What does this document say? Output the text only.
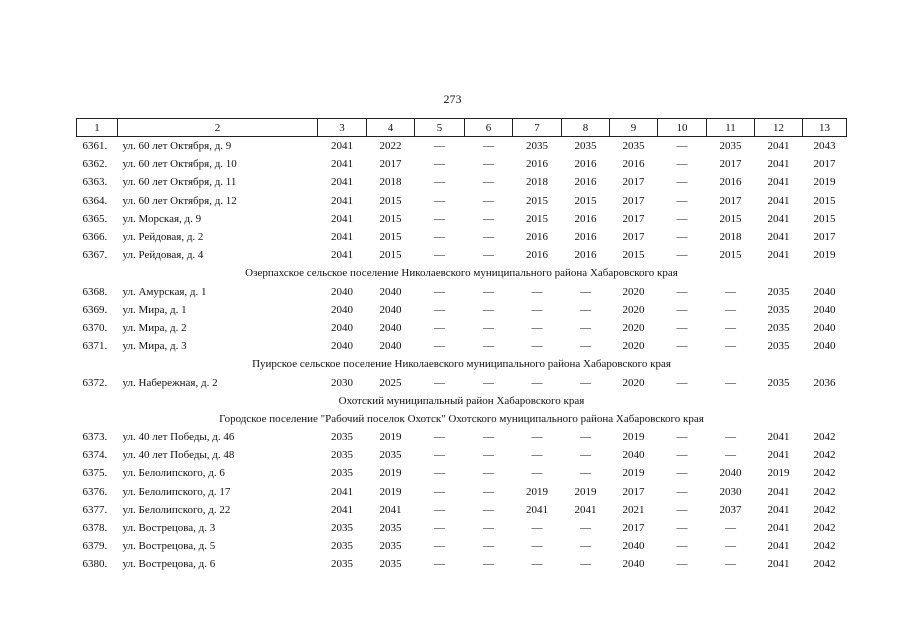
273
1	2	3	4	5	6	7	8	9	10	11	12	13
6361.	ул. 60 лет Октября, д. 9	2041	2022	—	—	2035	2035	2035	—	2035	2041	2043
6362.	ул. 60 лет Октября, д. 10	2041	2017	—	—	2016	2016	2016	—	2017	2041	2017
6363.	ул. 60 лет Октября, д. 11	2041	2018	—	—	2018	2016	2017	—	2016	2041	2019
6364.	ул. 60 лет Октября, д. 12	2041	2015	—	—	2015	2015	2017	—	2017	2041	2015
6365.	ул. Морская, д. 9	2041	2015	—	—	2015	2016	2017	—	2015	2041	2015
6366.	ул. Рейдовая, д. 2	2041	2015	—	—	2016	2016	2017	—	2018	2041	2017
6367.	ул. Рейдовая, д. 4	2041	2015	—	—	2016	2016	2015	—	2015	2041	2019
Озерпахское сельское поселение Николаевского муниципального района Хабаровского края												
6368.	ул. Амурская, д. 1	2040	2040	—	—	—	—	2020	—	—	2035	2040
6369.	ул. Мира, д. 1	2040	2040	—	—	—	—	2020	—	—	2035	2040
6370.	ул. Мира, д. 2	2040	2040	—	—	—	—	2020	—	—	2035	2040
6371.	ул. Мира, д. 3	2040	2040	—	—	—	—	2020	—	—	2035	2040
Пуирское сельское поселение Николаевского муниципального района Хабаровского края												
6372.	ул. Набережная, д. 2	2030	2025	—	—	—	—	2020	—	—	2035	2036
Охотский муниципальный район Хабаровского края												
Городское поселение "Рабочий поселок Охотск" Охотского муниципального района Хабаровского края												
6373.	ул. 40 лет Победы, д. 46	2035	2019	—	—	—	—	2019	—	—	2041	2042
6374.	ул. 40 лет Победы, д. 48	2035	2035	—	—	—	—	2040	—	—	2041	2042
6375.	ул. Белолипского, д. 6	2035	2019	—	—	—	—	2019	—	2040	2019	2042
6376.	ул. Белолипского, д. 17	2041	2019	—	—	2019	2019	2017	—	2030	2041	2042
6377.	ул. Белолипского, д. 22	2041	2041	—	—	2041	2041	2021	—	2037	2041	2042
6378.	ул. Вострецова, д. 3	2035	2035	—	—	—	—	2017	—	—	2041	2042
6379.	ул. Вострецова, д. 5	2035	2035	—	—	—	—	2040	—	—	2041	2042
6380.	ул. Вострецова, д. 6	2035	2035	—	—	—	—	2040	—	—	2041	2042
